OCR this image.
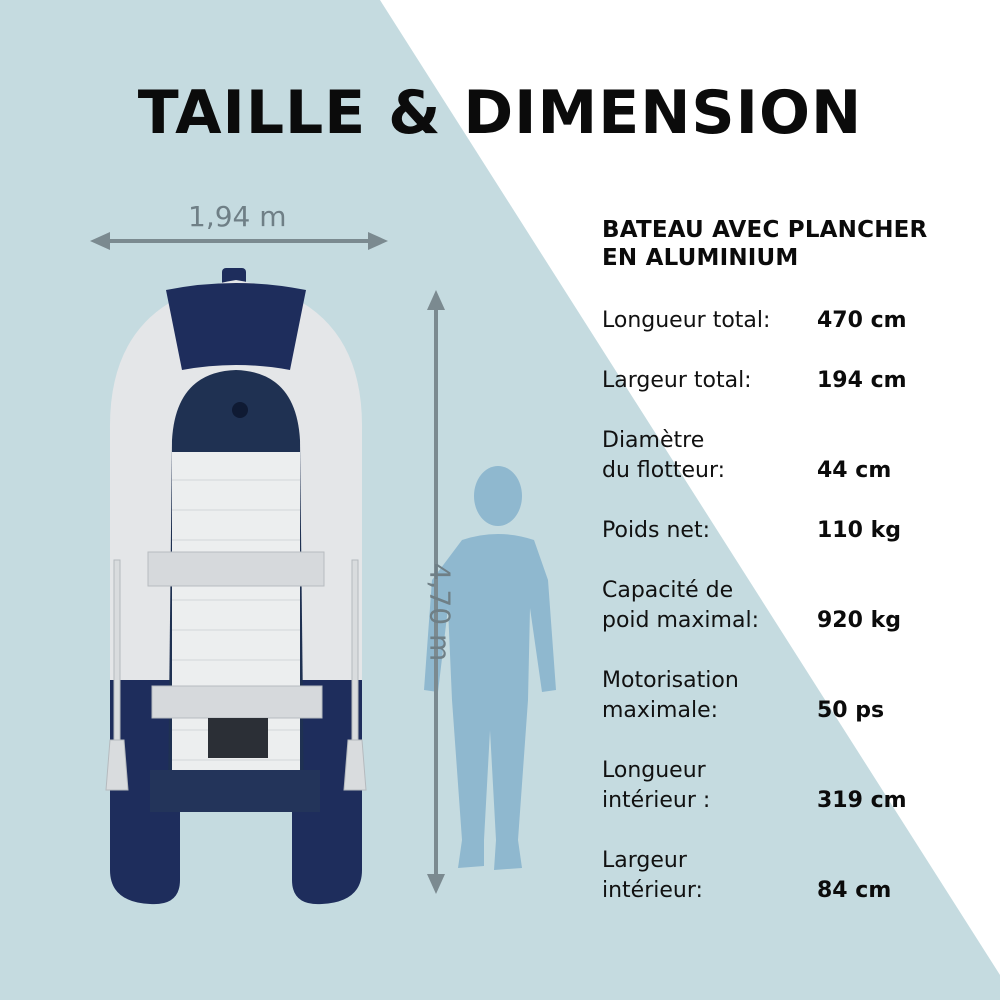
TAILLE & DIMENSION
1,94 m
4,70 m
BATEAU AVEC PLANCHER
EN ALUMINIUM
Longueur total: 470 cm
Largeur total:	194 cm
Diamètre
du flotteur:	44 cm
Poids net:	110 kg
Capacité de
poid maximal:	920 kg
Motorisation
maximale:	50 ps
Longueur
intérieur :	319 cm
Largeur
intérieur:	84 cm
